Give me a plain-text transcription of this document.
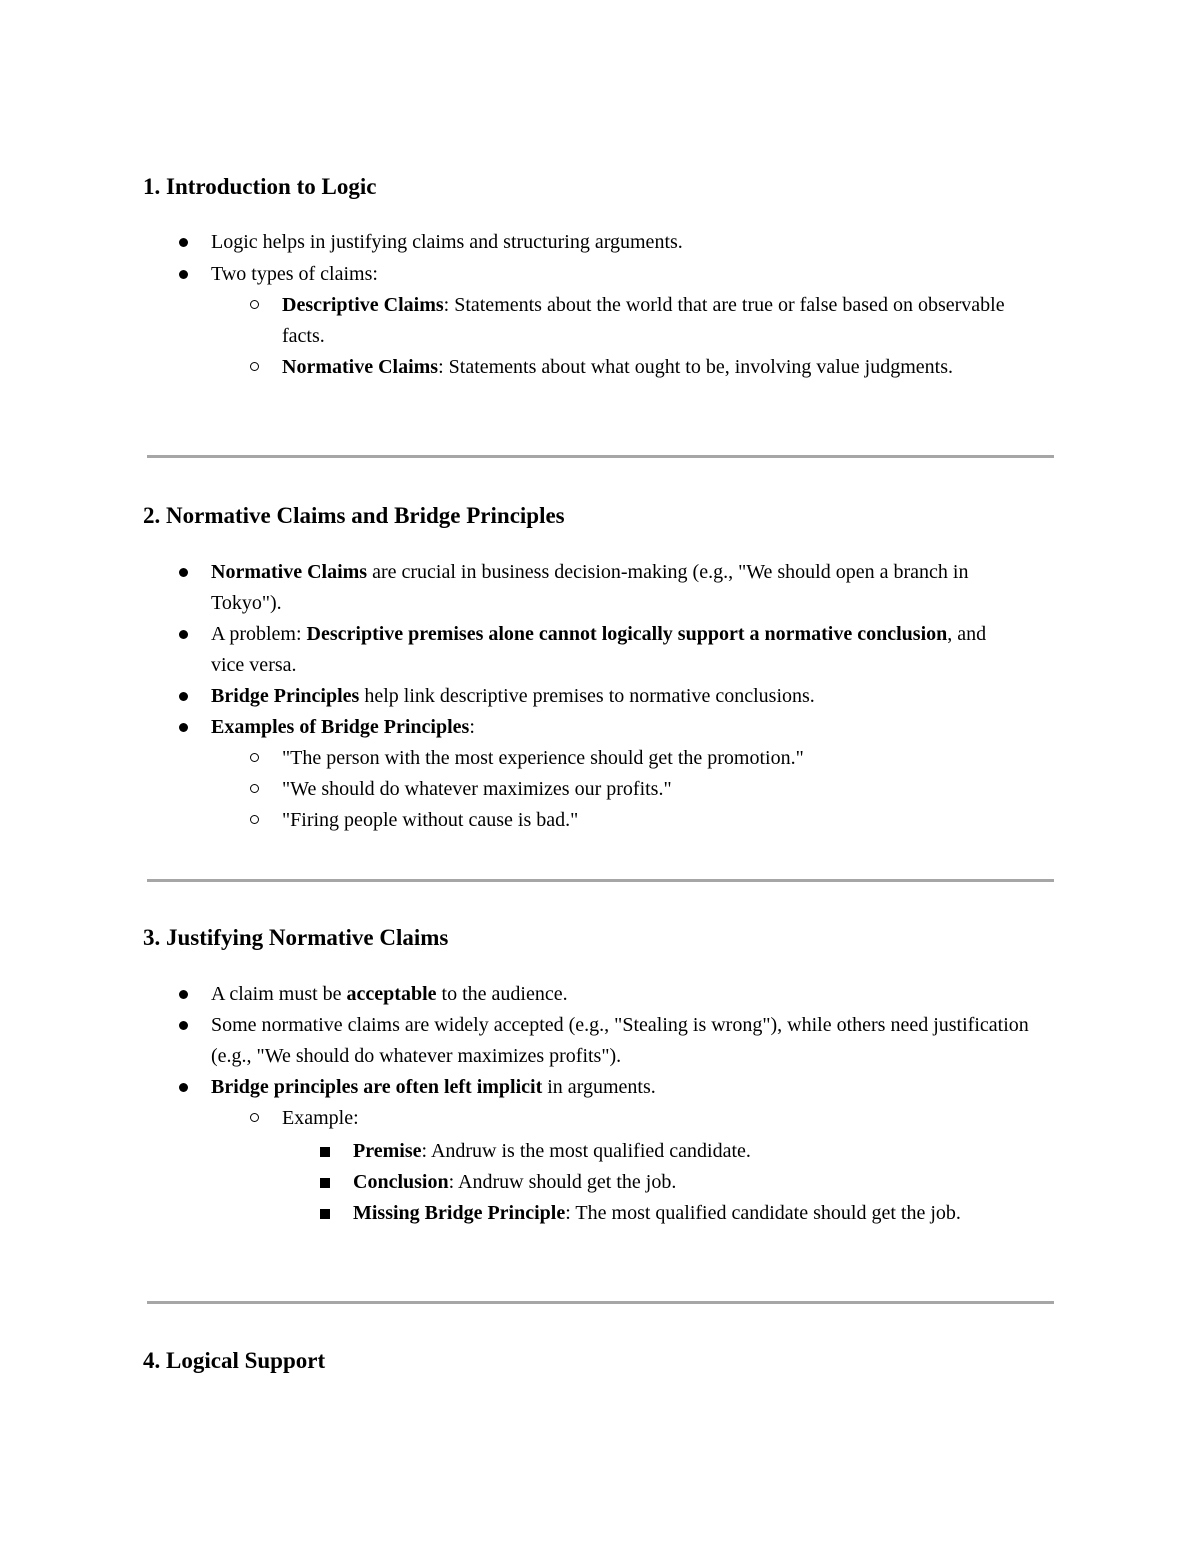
1. Introduction to Logic
Logic helps in justifying claims and structuring arguments.
Two types of claims:
Descriptive Claims: Statements about the world that are true or false based on observable facts.
Normative Claims: Statements about what ought to be, involving value judgments.
2. Normative Claims and Bridge Principles
Normative Claims are crucial in business decision-making (e.g., "We should open a branch in Tokyo").
A problem: Descriptive premises alone cannot logically support a normative conclusion, and vice versa.
Bridge Principles help link descriptive premises to normative conclusions.
Examples of Bridge Principles:
"The person with the most experience should get the promotion."
"We should do whatever maximizes our profits."
"Firing people without cause is bad."
3. Justifying Normative Claims
A claim must be acceptable to the audience.
Some normative claims are widely accepted (e.g., "Stealing is wrong"), while others need justification (e.g., "We should do whatever maximizes profits").
Bridge principles are often left implicit in arguments.
Example:
Premise: Andruw is the most qualified candidate.
Conclusion: Andruw should get the job.
Missing Bridge Principle: The most qualified candidate should get the job.
4. Logical Support
